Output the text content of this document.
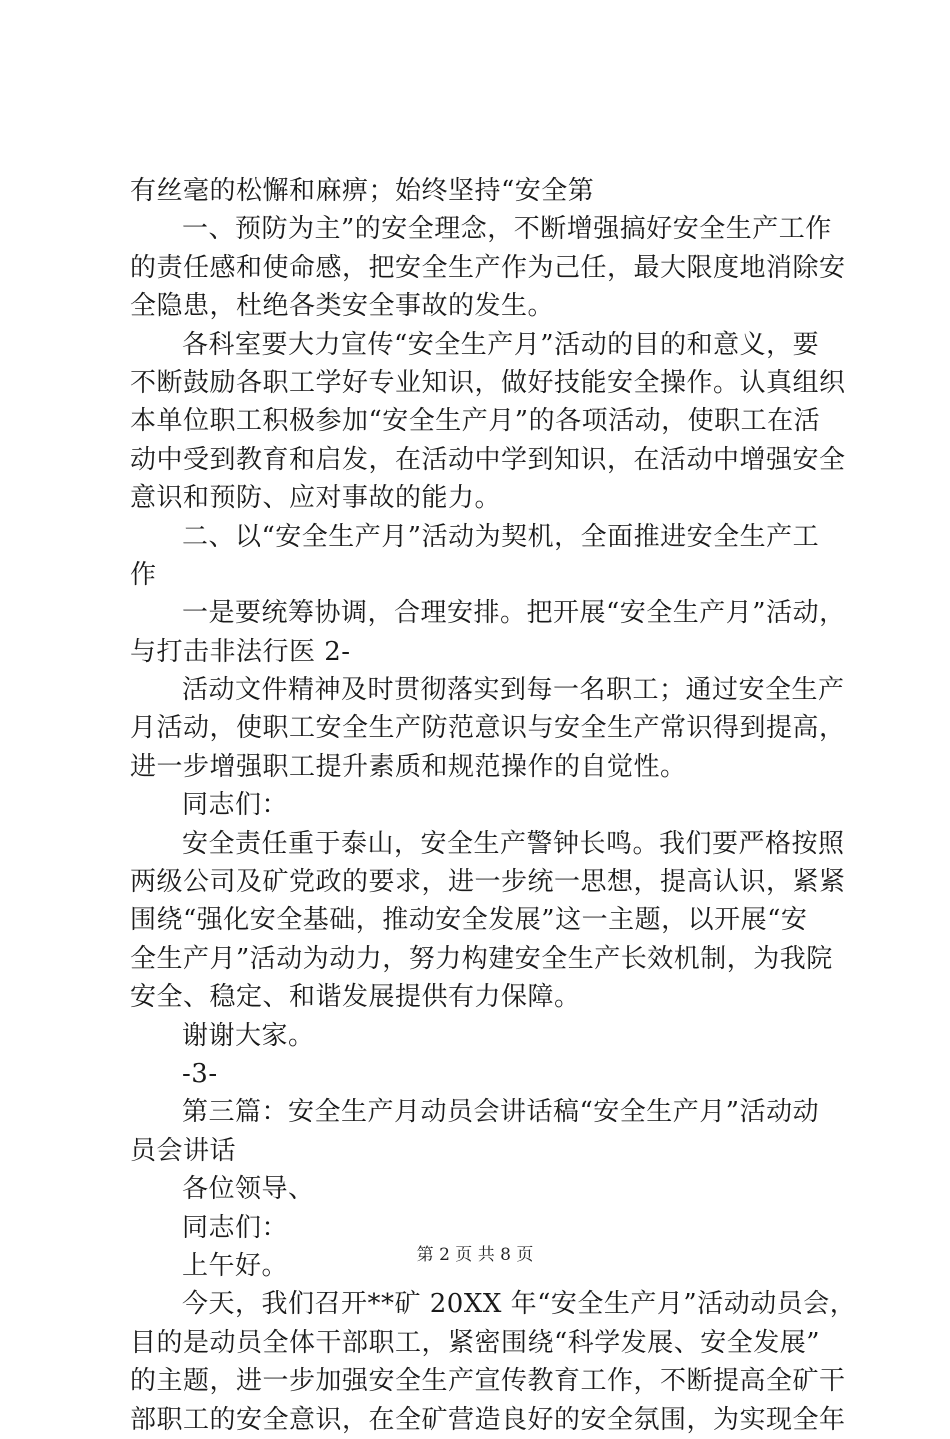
有丝毫的松懈和麻痹；始终坚持“安全第
一、预防为主”的安全理念，不断增强搞好安全生产工作
的责任感和使命感，把安全生产作为己任，最大限度地消除安
全隐患，杜绝各类安全事故的发生。
各科室要大力宣传“安全生产月”活动的目的和意义，要
不断鼓励各职工学好专业知识，做好技能安全操作。认真组织
本单位职工积极参加“安全生产月”的各项活动，使职工在活
动中受到教育和启发，在活动中学到知识，在活动中增强安全
意识和预防、应对事故的能力。
二、以“安全生产月”活动为契机，全面推进安全生产工
作
一是要统筹协调，合理安排。把开展“安全生产月”活动，
与打击非法行医 2-
活动文件精神及时贯彻落实到每一名职工；通过安全生产
月活动，使职工安全生产防范意识与安全生产常识得到提高，
进一步增强职工提升素质和规范操作的自觉性。
同志们：
安全责任重于泰山，安全生产警钟长鸣。我们要严格按照
两级公司及矿党政的要求，进一步统一思想，提高认识，紧紧
围绕“强化安全基础，推动安全发展”这一主题，以开展“安
全生产月”活动为动力，努力构建安全生产长效机制，为我院
安全、稳定、和谐发展提供有力保障。
谢谢大家。
-3-
第三篇：安全生产月动员会讲话稿“安全生产月”活动动
员会讲话
各位领导、
同志们：
上午好。
今天，我们召开**矿 20XX 年“安全生产月”活动动员会，
目的是动员全体干部职工，紧密围绕“科学发展、安全发展”
的主题，进一步加强安全生产宣传教育工作，不断提高全矿干
部职工的安全意识，在全矿营造良好的安全氛围，为实现全年
第 2 页 共 8 页
